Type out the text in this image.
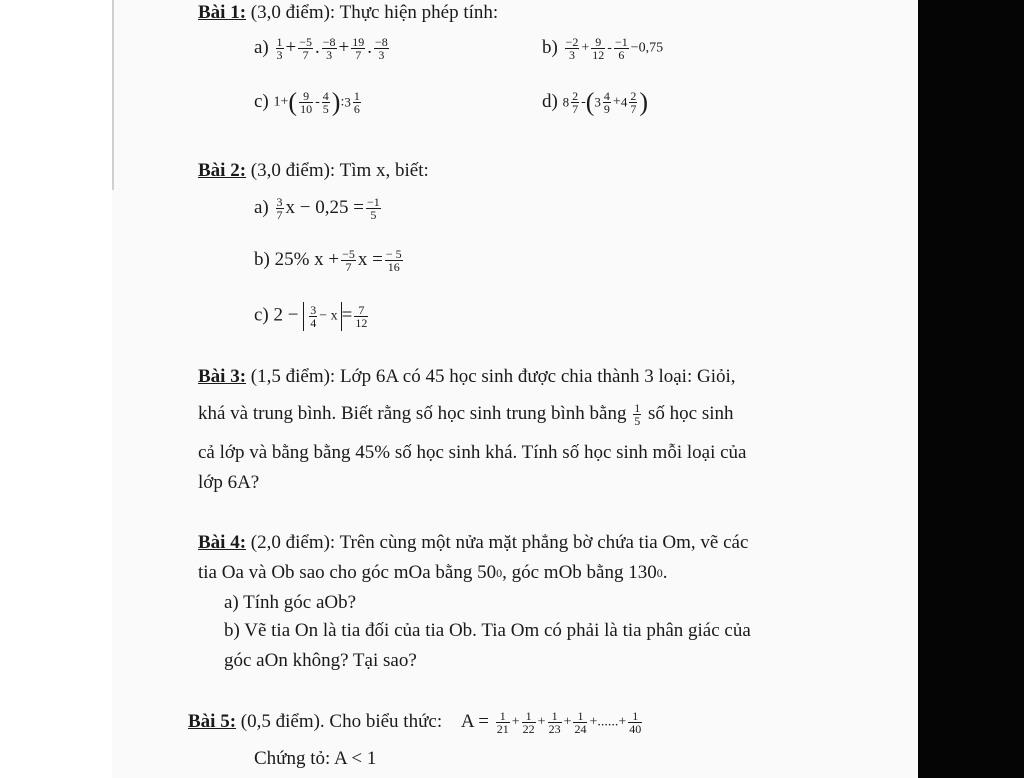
Bài 1: (3,0 điểm): Thực hiện phép tính:
$a) \frac{1}{3} + \frac{-5}{7}$ . $\frac{-8}{3} + \frac{19}{7}$ . $\frac{-8}{3}$	$b) \frac{-2}{3} + \frac{9}{12} - \frac{-1}{6} -0,75$
c) $1+( \frac{9}{10} - \frac{4}{5}$ ):3 $\frac{1}{6}$	d) $8 \frac{2}{7} -(3 \frac{4}{9} +4 \frac{2}{7}$ )
Bài 2: (3,0 điểm): Tìm x, biết:
$a) \frac{3}{7}$ $x - 0,25 = \frac{-1}{5}$
b) 25% $x + \frac{-5}{7}$ $x = \frac{- 5}{16}$
c) $2 - \frac{3}{4} - x = \frac{7}{12}$
Bài 3: (1,5 điểm): Lớp 6A có 45 học sinh được chia thành 3 loại: Giỏi,
khá và trung bình. Biết rằng số học sinh trung bình bằng $\frac{1}{5}$ số học sinh
cả lớp và bằng bằng 45% số học sinh khá. Tính số học sinh mỗi loại của
lớp 6A?
Bài 4: (2,0 điểm): Trên cùng một nửa mặt phẳng bờ chứa tia Om, vẽ các
tia Oa và Ob sao cho góc mOa bằng $50^0$, góc mOb bằng $130^0$.
a) Tính góc aOb?
b) Vẽ tia On là tia đối của tia Ob. Tia Om có phải là tia phân giác của
góc aOn không? Tại sao?
Bài 5: (0,5 điểm). Cho biểu thức: $A = \frac{1}{21} + \frac{1}{22} + \frac{1}{23} + \frac{1}{24}$ +......+ $\frac{1}{40}$
Chứng tỏ: A < 1
